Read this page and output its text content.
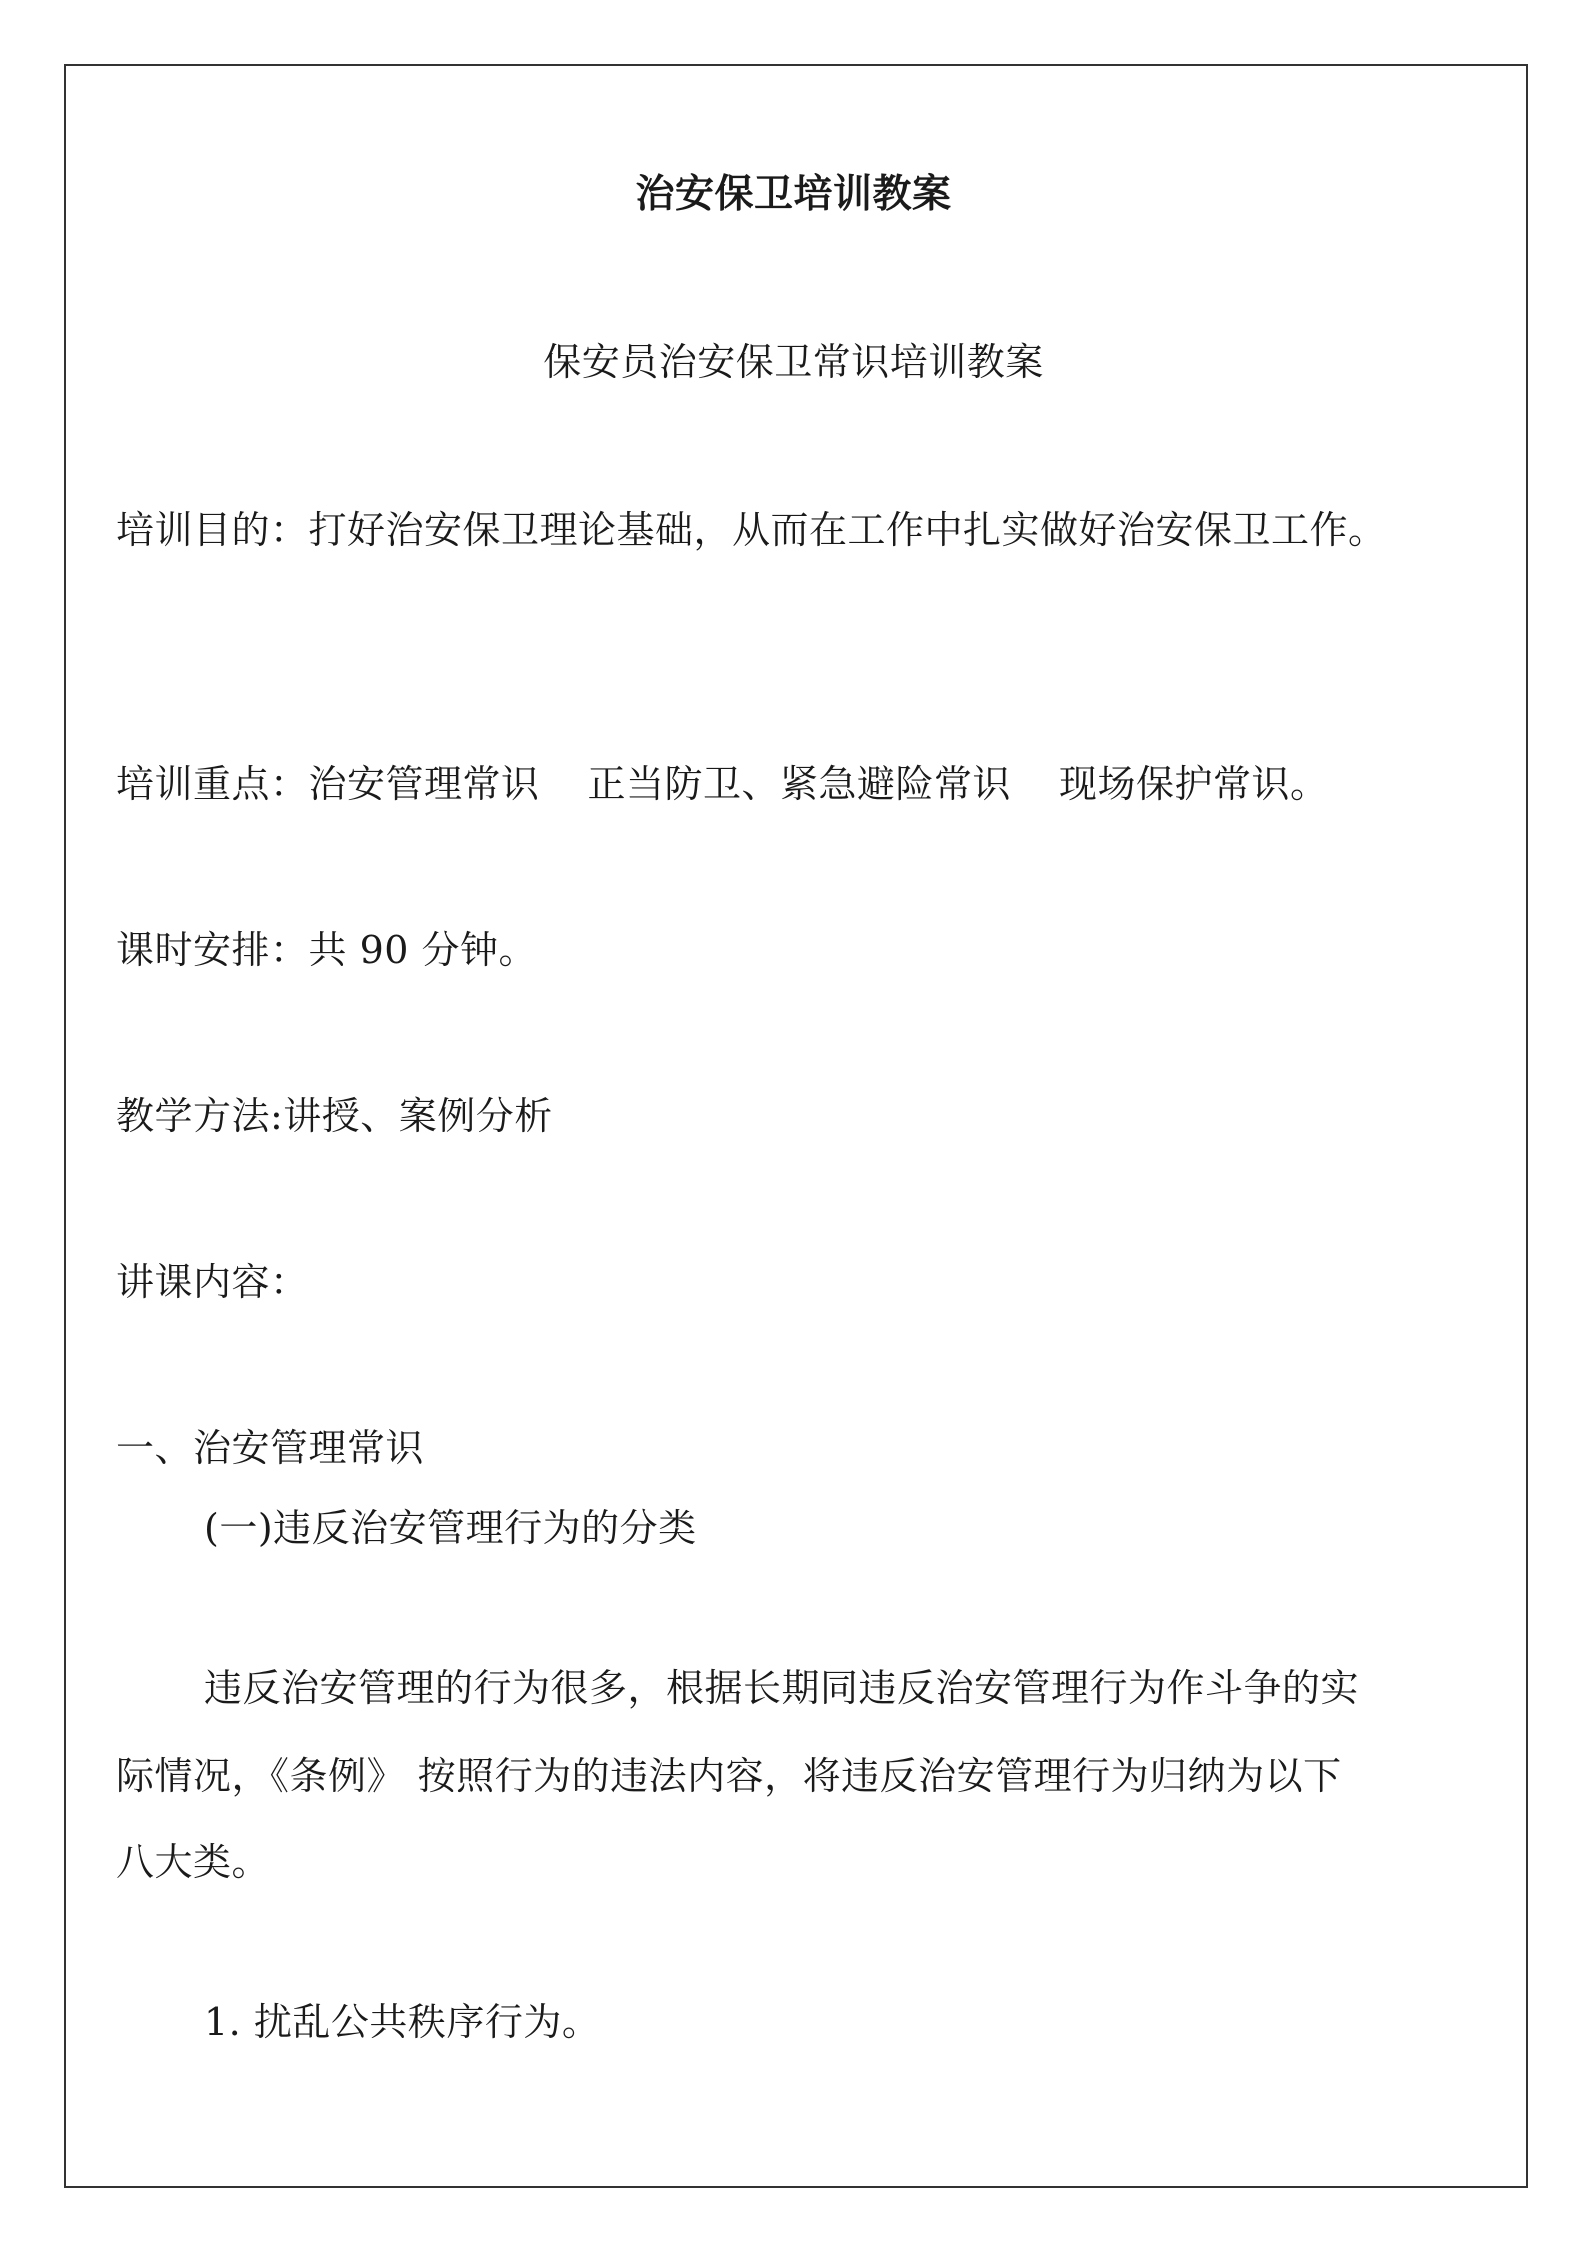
治安保卫培训教案
保安员治安保卫常识培训教案
培训目的：打好治安保卫理论基础，从而在工作中扎实做好治安保卫工作。
培训重点：治安管理常识 正当防卫、紧急避险常识 现场保护常识。
课时安排：共 90 分钟。
教学方法:讲授、案例分析
讲课内容：
一、治安管理常识
(一)违反治安管理行为的分类
违反治安管理的行为很多，根据长期同违反治安管理行为作斗争的实
际情况，《条例》 按照行为的违法内容，将违反治安管理行为归纳为以下
八大类。
1. 扰乱公共秩序行为。
